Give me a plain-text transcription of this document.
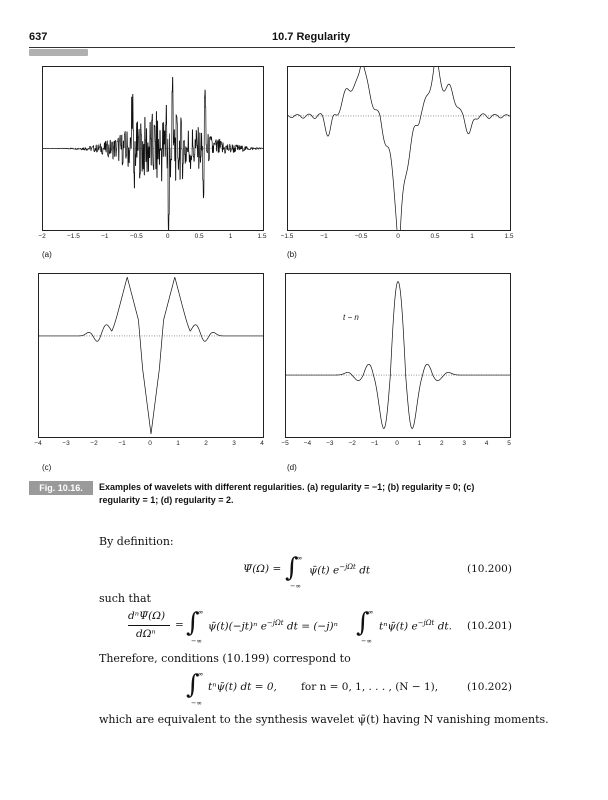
637	10.7 Regularity
−2	−1.5	−1	−0.5	0	0.5	1	1.5
(a)
−1.5	−1	−0.5	0	0.5	1	1.5
(b)
−4	−3	−2	−1	0	1	2	3	4
(c)
−5 −4 −3 −2 −1	0	1	2	3	4	5
(d)
t − n
Fig. 10.16.	Examples of wavelets with different regularities. (a) regularity = −1; (b) regularity = 0; (c) regularity = 1; (d) regularity = 2.
By definition:
Ψ̄(Ω) = ∫
∞
−∞
ψ̄(t) $e^{-j\Omega t}$ dt	(10.200)
such that
dⁿΨ̄(Ω)
dΩⁿ
= ∫
∞
−∞
ψ̄(t)(−jt)ⁿ $e^{-j\Omega t}$ dt = (−j)ⁿ ∫
∞
−∞
tⁿψ̄(t) $e^{-j\Omega t}$ dt. (10.201)
Therefore, conditions (10.199) correspond to
∫
∞
−∞
tⁿψ̄(t) dt = 0, for n = 0, 1, . . . , (N − 1),	(10.202)
which are equivalent to the synthesis wavelet ψ̄(t) having N vanishing moments.
